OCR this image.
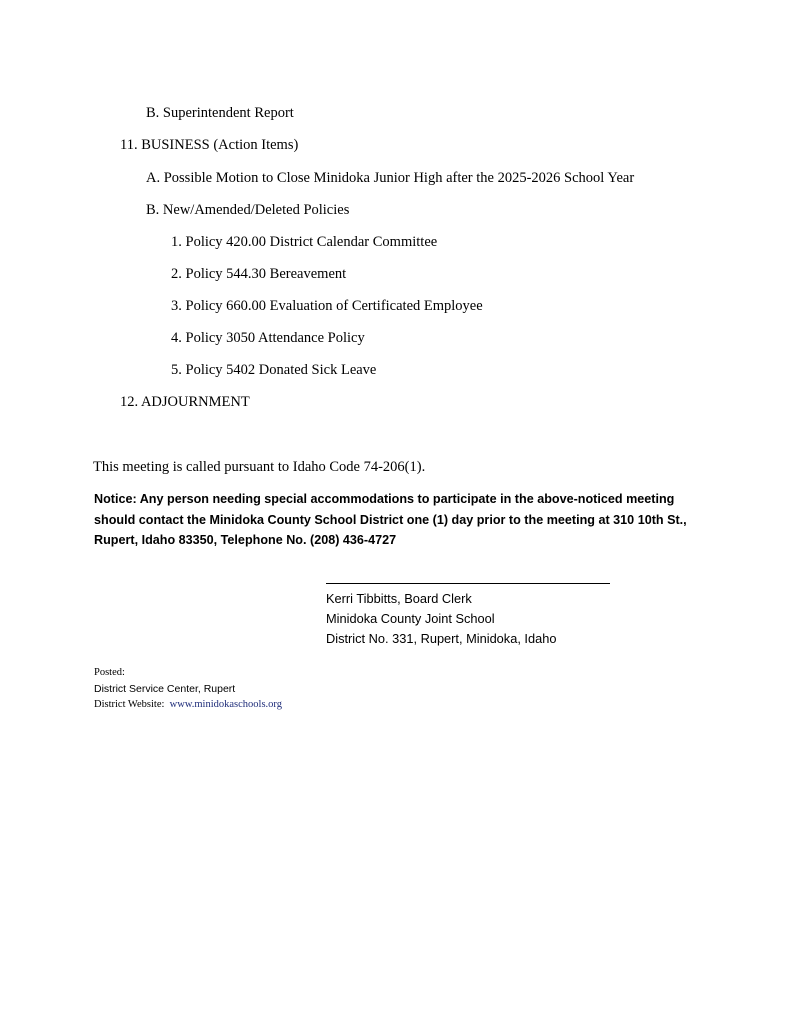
B. Superintendent Report
11. BUSINESS (Action Items)
A. Possible Motion to Close Minidoka Junior High after the 2025-2026 School Year
B. New/Amended/Deleted Policies
1. Policy 420.00 District Calendar Committee
2. Policy 544.30 Bereavement
3. Policy 660.00 Evaluation of Certificated Employee
4. Policy 3050 Attendance Policy
5. Policy 5402 Donated Sick Leave
12. ADJOURNMENT
This meeting is called pursuant to Idaho Code 74-206(1).
Notice: Any person needing special accommodations to participate in the above-noticed meeting should contact the Minidoka County School District one (1) day prior to the meeting at 310 10th St., Rupert, Idaho 83350, Telephone No. (208) 436-4727
Kerri Tibbitts, Board Clerk
Minidoka County Joint School
District No. 331, Rupert, Minidoka, Idaho
Posted:
District Service Center, Rupert
District Website: www.minidokaschools.org
